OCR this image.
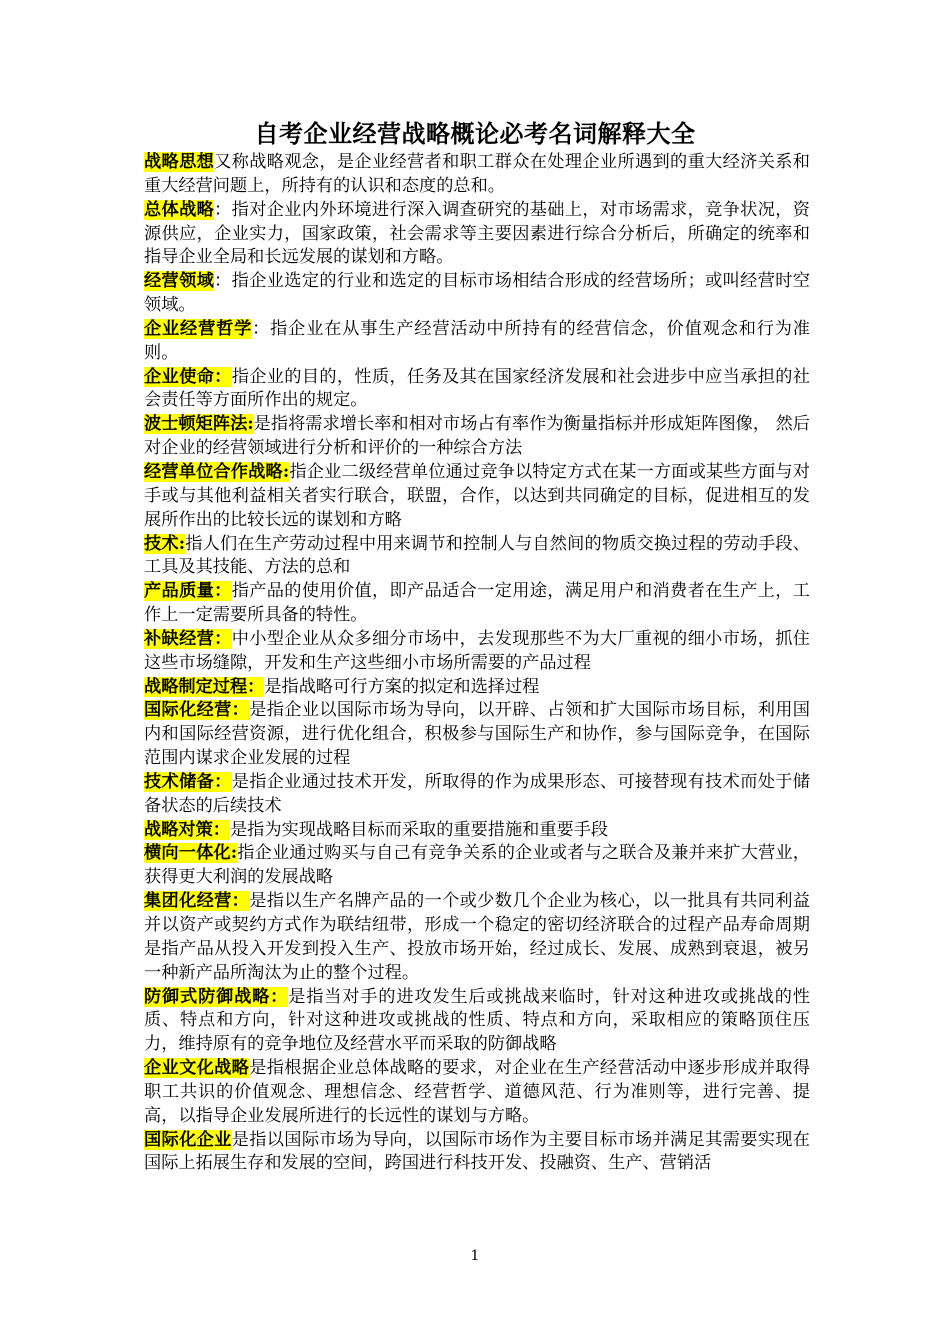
自考企业经营战略概论必考名词解释大全

战略思想又称战略观念，是企业经营者和职工群众在处理企业所遇到的重大经济关系和重大经营问题上，所持有的认识和态度的总和。

总体战略：指对企业内外环境进行深入调查研究的基础上，对市场需求，竞争状况，资源供应，企业实力，国家政策，社会需求等主要因素进行综合分析后，所确定的统率和指导企业全局和长远发展的谋划和方略。

经营领域：指企业选定的行业和选定的目标市场相结合形成的经营场所；或叫经营时空领域。

企业经营哲学：指企业在从事生产经营活动中所持有的经营信念，价值观念和行为准则。

企业使命：指企业的目的，性质，任务及其在国家经济发展和社会进步中应当承担的社会责任等方面所作出的规定。

波士顿矩阵法:是指将需求增长率和相对市场占有率作为衡量指标并形成矩阵图像， 然后对企业的经营领域进行分析和评价的一种综合方法

经营单位合作战略:指企业二级经营单位通过竞争以特定方式在某一方面或某些方面与对手或与其他利益相关者实行联合，联盟，合作，以达到共同确定的目标，促进相互的发展所作出的比较长远的谋划和方略

技术:指人们在生产劳动过程中用来调节和控制人与自然间的物质交换过程的劳动手段、工具及其技能、方法的总和

产品质量：指产品的使用价值，即产品适合一定用途，满足用户和消费者在生产上，工作上一定需要所具备的特性。

补缺经营：中小型企业从众多细分市场中，去发现那些不为大厂重视的细小市场，抓住这些市场缝隙，开发和生产这些细小市场所需要的产品过程

战略制定过程：是指战略可行方案的拟定和选择过程

国际化经营：是指企业以国际市场为导向，以开辟、占领和扩大国际市场目标，利用国内和国际经营资源，进行优化组合，积极参与国际生产和协作，参与国际竞争，在国际范围内谋求企业发展的过程

技术储备：是指企业通过技术开发，所取得的作为成果形态、可接替现有技术而处于储备状态的后续技术

战略对策：是指为实现战略目标而采取的重要措施和重要手段

横向一体化:指企业通过购买与自己有竞争关系的企业或者与之联合及兼并来扩大营业，获得更大利润的发展战略

集团化经营：是指以生产名牌产品的一个或少数几个企业为核心，以一批具有共同利益并以资产或契约方式作为联结纽带，形成一个稳定的密切经济联合的过程产品寿命周期是指产品从投入开发到投入生产、投放市场开始，经过成长、发展、成熟到衰退，被另一种新产品所淘汰为止的整个过程。

防御式防御战略：是指当对手的进攻发生后或挑战来临时，针对这种进攻或挑战的性质、特点和方向，针对这种进攻或挑战的性质、特点和方向，采取相应的策略顶住压力，维持原有的竞争地位及经营水平而采取的防御战略

企业文化战略是指根据企业总体战略的要求，对企业在生产经营活动中逐步形成并取得职工共识的价值观念、理想信念、经营哲学、道德风范、行为准则等，进行完善、提高，以指导企业发展所进行的长远性的谋划与方略。

国际化企业是指以国际市场为导向，以国际市场作为主要目标市场并满足其需要实现在国际上拓展生存和发展的空间，跨国进行科技开发、投融资、生产、营销活

1
